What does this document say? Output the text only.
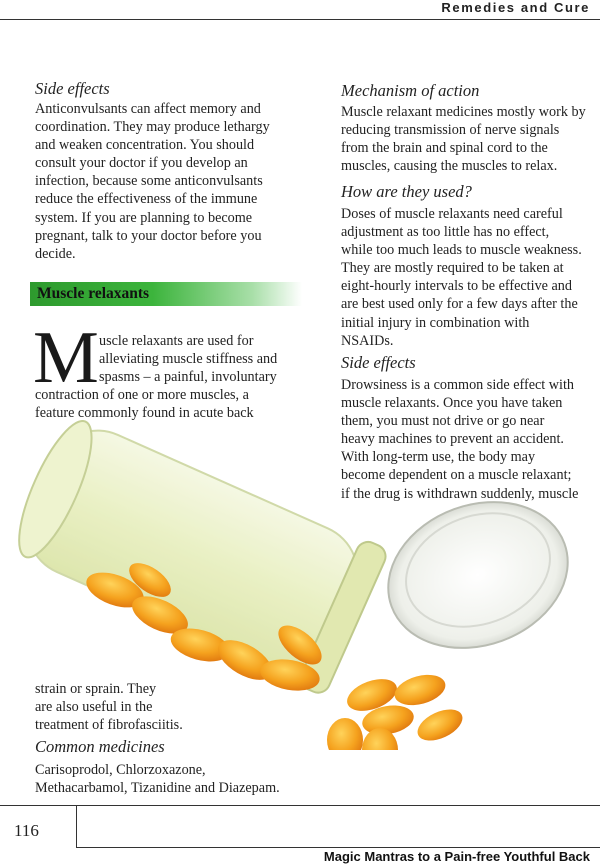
Remedies and Cure
Side effects

Anticonvulsants can affect memory and

coordination. They may produce lethargy

and weaken concentration. You should

consult your doctor if you develop an

infection, because some anticonvulsants

reduce the effectiveness of the immune

system. If you are planning to become

pregnant, talk to your doctor before you

decide.

Muscle relaxants
M uscle relaxants are used for

alleviating muscle stiffness and

spasms – a painful, involuntary

contraction of one or more muscles, a

feature commonly found in acute back

Mechanism of action

Muscle relaxant medicines mostly work by

reducing transmission of nerve signals

from the brain and spinal cord to the

muscles, causing the muscles to relax.

How are they used?

Doses of muscle relaxants need careful

adjustment as too little has no effect,

while too much leads to muscle weakness.

They are mostly required to be taken at

eight-hourly intervals to be effective and

are best used only for a few days after the

initial injury in combination with

NSAIDs.

Side effects

Drowsiness is a common side effect with

muscle relaxants. Once you have taken

them, you must not drive or go near

heavy machines to prevent an accident.

With long-term use, the body may

become dependent on a muscle relaxant;

if the drug is withdrawn suddenly, muscle

strain or sprain. They

are also useful in the

treatment of fibrofasciitis.

Common medicines

Carisoprodol, Chlorzoxazone,

Methacarbamol, Tizanidine and Diazepam.

116
Magic Mantras to a Pain-free Youthful Back
